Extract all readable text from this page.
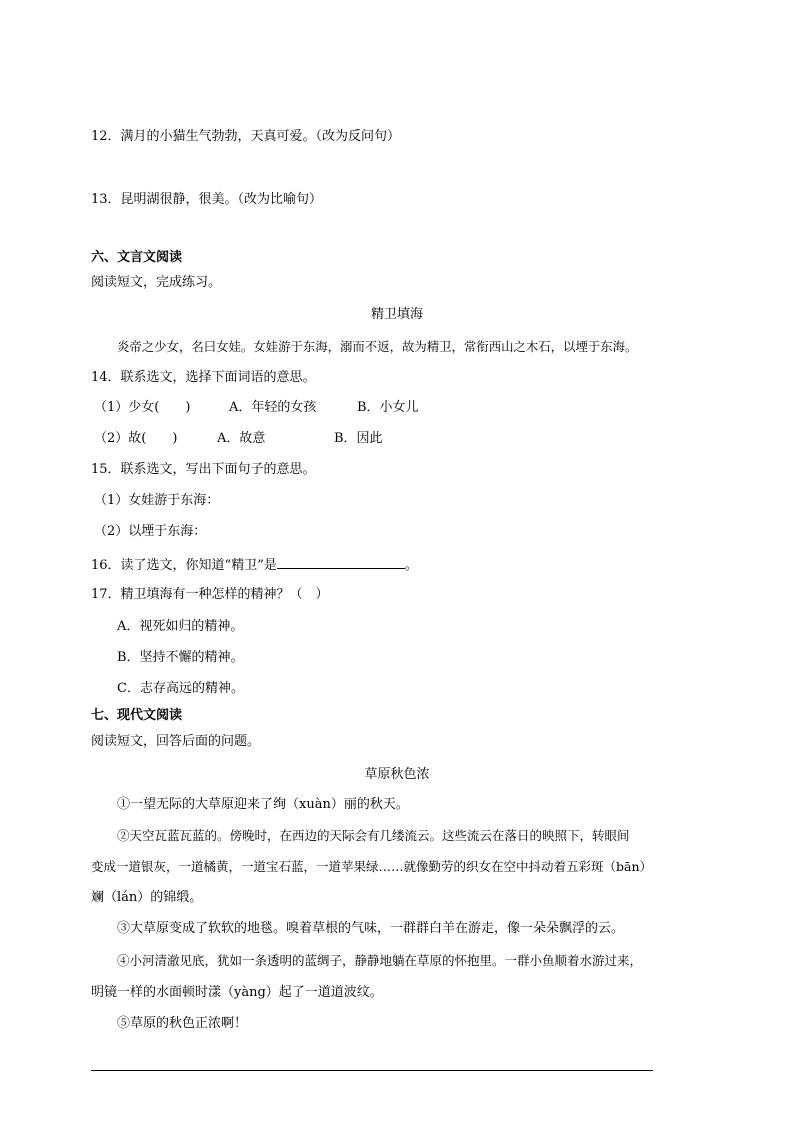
12．满月的小猫生气勃勃，天真可爱。（改为反问句）
13．昆明湖很静，很美。（改为比喻句）
六、文言文阅读
阅读短文，完成练习。
精卫填海
炎帝之少女，名曰女娃。女娃游于东海，溺而不返，故为精卫，常衔西山之木石，以堙于东海。
14．联系选文，选择下面词语的意思。
（1）少女(　　)	A．年轻的女孩	B．小女儿
（2）故(　　)	A．故意	B．因此
15．联系选文，写出下面句子的意思。
（1）女娃游于东海：
（2）以堙于东海：
16．读了选文，你知道“精卫”是	。
17．精卫填海有一种怎样的精神？（　）
A．视死如归的精神。
B．坚持不懈的精神。
C．志存高远的精神。
七、现代文阅读
阅读短文，回答后面的问题。
草原秋色浓
①一望无际的大草原迎来了绚（xuàn）丽的秋天。
②天空瓦蓝瓦蓝的。傍晚时，在西边的天际会有几缕流云。这些流云在落日的映照下，转眼间
变成一道银灰，一道橘黄，一道宝石蓝，一道苹果绿……就像勤劳的织女在空中抖动着五彩斑（bān）
斓（lán）的锦缎。
③大草原变成了软软的地毯。嗅着草根的气味，一群群白羊在游走，像一朵朵飘浮的云。
④小河清澈见底，犹如一条透明的蓝绸子，静静地躺在草原的怀抱里。一群小鱼顺着水游过来，
明镜一样的水面顿时漾（yàng）起了一道道波纹。
⑤草原的秋色正浓啊！
